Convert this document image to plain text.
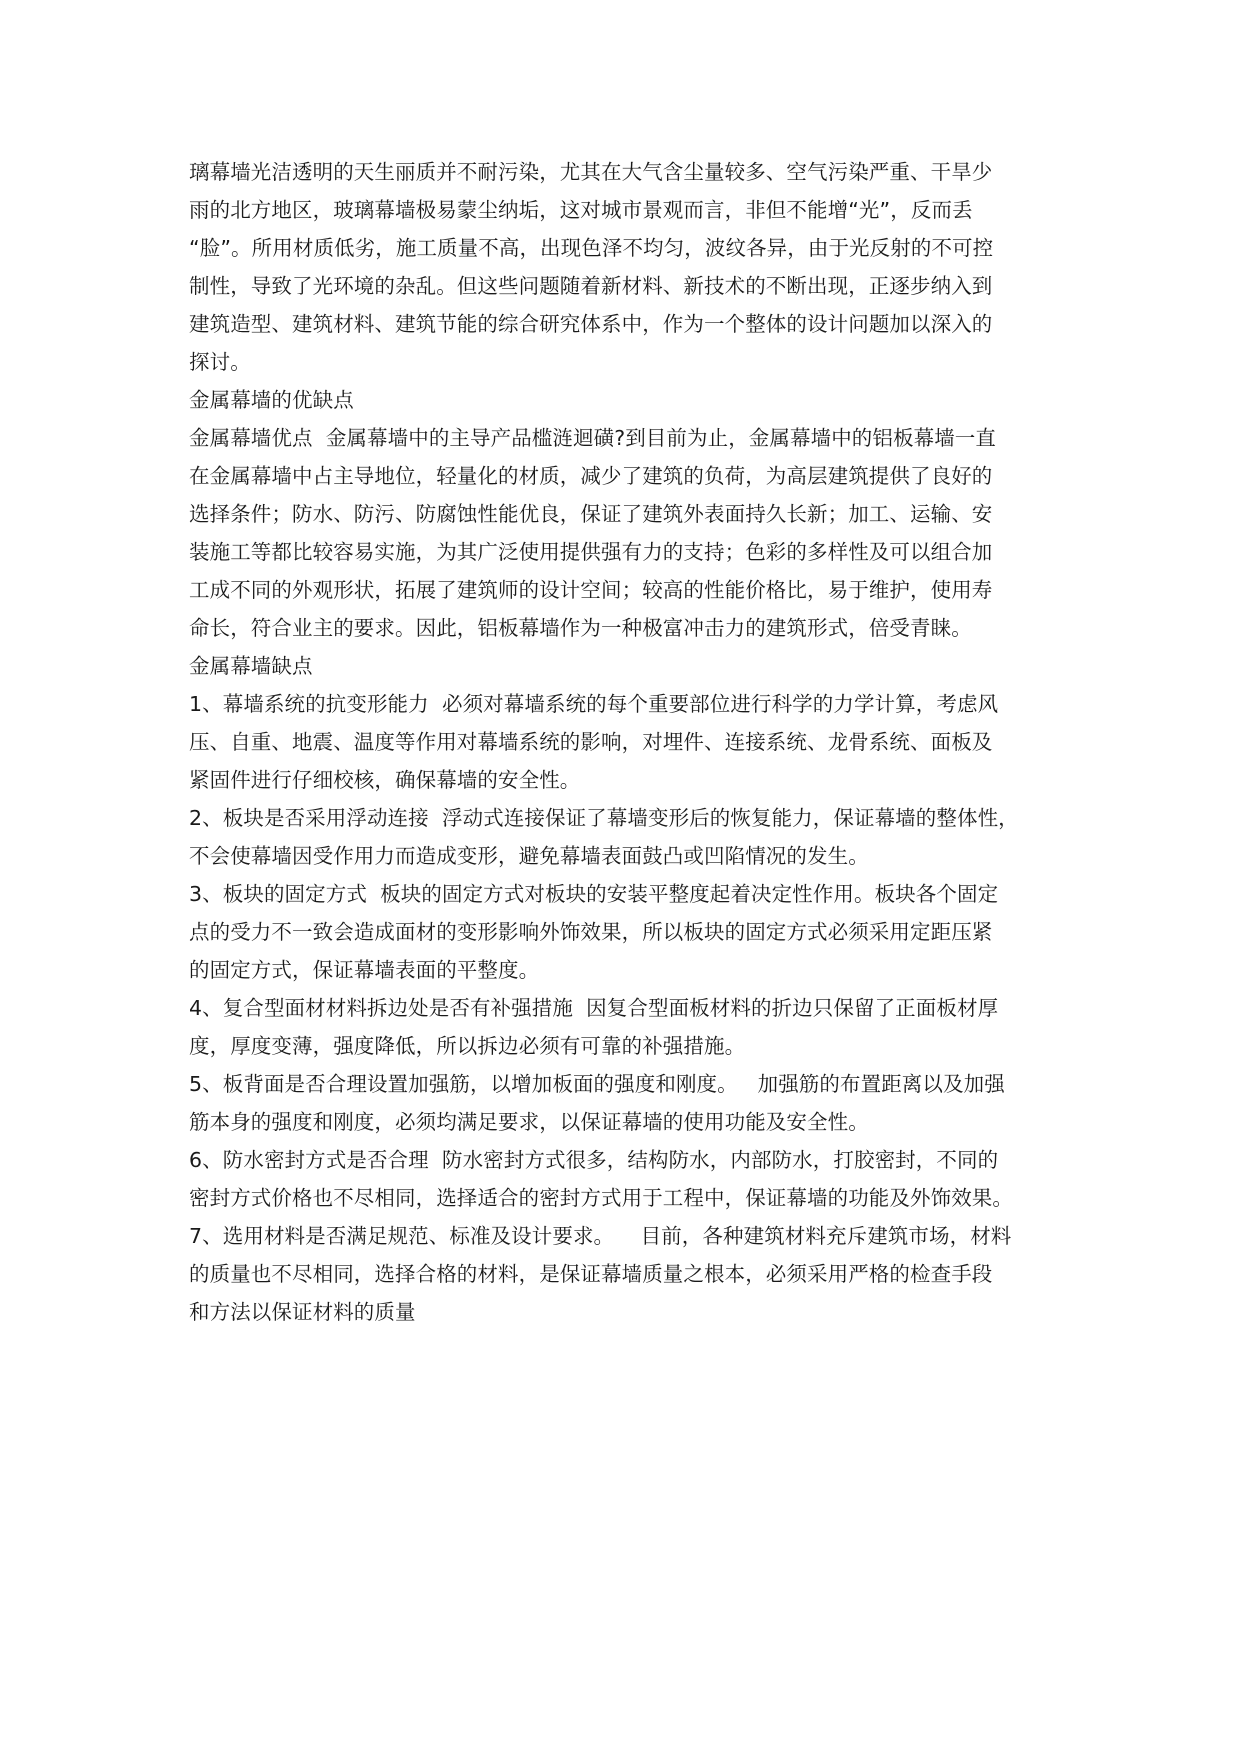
璃幕墙光洁透明的天生丽质并不耐污染，尤其在大气含尘量较多、空气污染严重、干旱少
雨的北方地区，玻璃幕墙极易蒙尘纳垢，这对城市景观而言，非但不能增“光”，反而丢
“脸”。所用材质低劣，施工质量不高，出现色泽不均匀，波纹各异，由于光反射的不可控
制性，导致了光环境的杂乱。但这些问题随着新材料、新技术的不断出现，正逐步纳入到
建筑造型、建筑材料、建筑节能的综合研究体系中，作为一个整体的设计问题加以深入的
探讨。
金属幕墙的优缺点
金属幕墙优点  金属幕墙中的主导产品槛涟迴磺?到目前为止，金属幕墙中的铝板幕墙一直
在金属幕墙中占主导地位，轻量化的材质，减少了建筑的负荷，为高层建筑提供了良好的
选择条件；防水、防污、防腐蚀性能优良，保证了建筑外表面持久长新；加工、运输、安
装施工等都比较容易实施，为其广泛使用提供强有力的支持；色彩的多样性及可以组合加
工成不同的外观形状，拓展了建筑师的设计空间；较高的性能价格比，易于维护，使用寿
命长，符合业主的要求。因此，铝板幕墙作为一种极富冲击力的建筑形式，倍受青睐。
金属幕墙缺点
1、幕墙系统的抗变形能力  必须对幕墙系统的每个重要部位进行科学的力学计算，考虑风
压、自重、地震、温度等作用对幕墙系统的影响，对埋件、连接系统、龙骨系统、面板及
紧固件进行仔细校核，确保幕墙的安全性。
2、板块是否采用浮动连接  浮动式连接保证了幕墙变形后的恢复能力，保证幕墙的整体性，
不会使幕墙因受作用力而造成变形，避免幕墙表面鼓凸或凹陷情况的发生。
3、板块的固定方式  板块的固定方式对板块的安装平整度起着决定性作用。板块各个固定
点的受力不一致会造成面材的变形影响外饰效果，所以板块的固定方式必须采用定距压紧
的固定方式，保证幕墙表面的平整度。
4、复合型面材材料拆边处是否有补强措施  因复合型面板材料的折边只保留了正面板材厚
度，厚度变薄，强度降低，所以拆边必须有可靠的补强措施。
5、板背面是否合理设置加强筋，以增加板面的强度和刚度。   加强筋的布置距离以及加强
筋本身的强度和刚度，必须均满足要求，以保证幕墙的使用功能及安全性。
6、防水密封方式是否合理  防水密封方式很多，结构防水，内部防水，打胶密封，不同的
密封方式价格也不尽相同，选择适合的密封方式用于工程中，保证幕墙的功能及外饰效果。
7、选用材料是否满足规范、标准及设计要求。    目前，各种建筑材料充斥建筑市场，材料
的质量也不尽相同，选择合格的材料，是保证幕墙质量之根本，必须采用严格的检查手段
和方法以保证材料的质量
